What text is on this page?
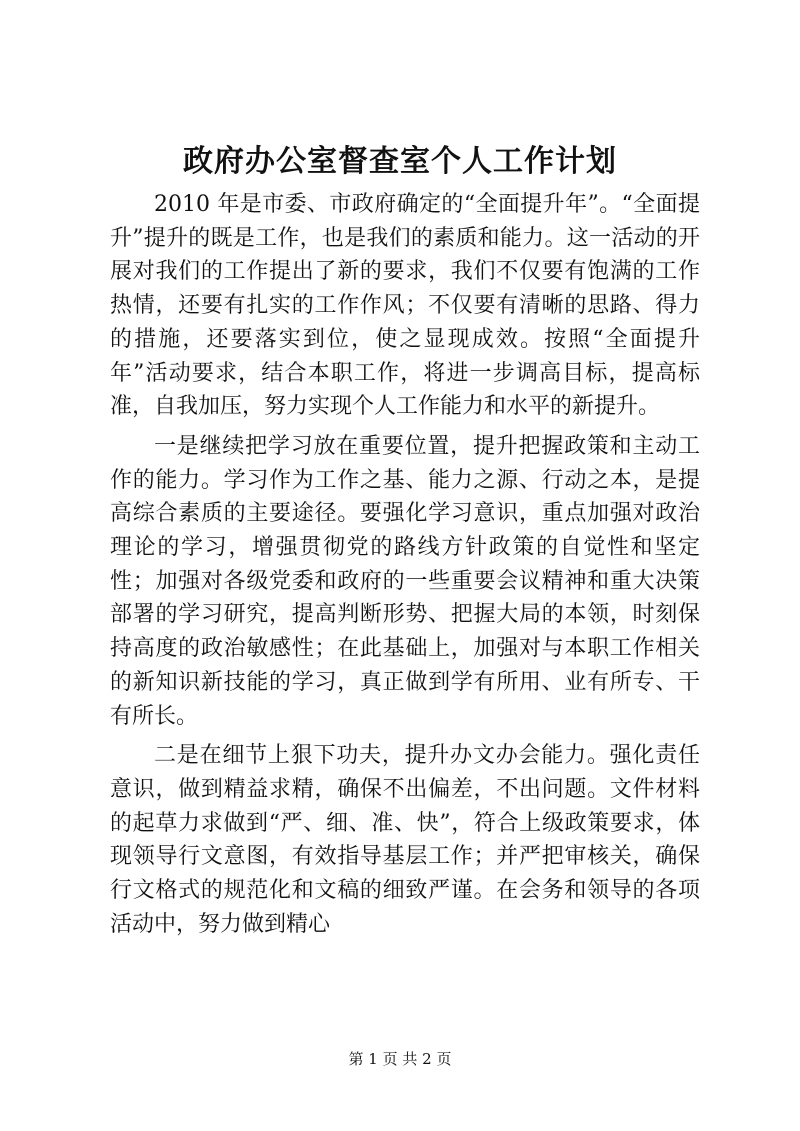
政府办公室督查室个人工作计划

2010 年是市委、市政府确定的“全面提升年”。“全面提升”提升的既是工作，也是我们的素质和能力。这一活动的开展对我们的工作提出了新的要求，我们不仅要有饱满的工作热情，还要有扎实的工作作风；不仅要有清晰的思路、得力的措施，还要落实到位，使之显现成效。按照“全面提升年”活动要求，结合本职工作，将进一步调高目标，提高标准，自我加压，努力实现个人工作能力和水平的新提升。

一是继续把学习放在重要位置，提升把握政策和主动工作的能力。学习作为工作之基、能力之源、行动之本，是提高综合素质的主要途径。要强化学习意识，重点加强对政治理论的学习，增强贯彻党的路线方针政策的自觉性和坚定性；加强对各级党委和政府的一些重要会议精神和重大决策部署的学习研究，提高判断形势、把握大局的本领，时刻保持高度的政治敏感性；在此基础上，加强对与本职工作相关的新知识新技能的学习，真正做到学有所用、业有所专、干有所长。

二是在细节上狠下功夫，提升办文办会能力。强化责任意识，做到精益求精，确保不出偏差，不出问题。文件材料的起草力求做到“严、细、准、快”，符合上级政策要求，体现领导行文意图，有效指导基层工作；并严把审核关，确保行文格式的规范化和文稿的细致严谨。在会务和领导的各项活动中，努力做到精心

第 1 页 共 2 页
